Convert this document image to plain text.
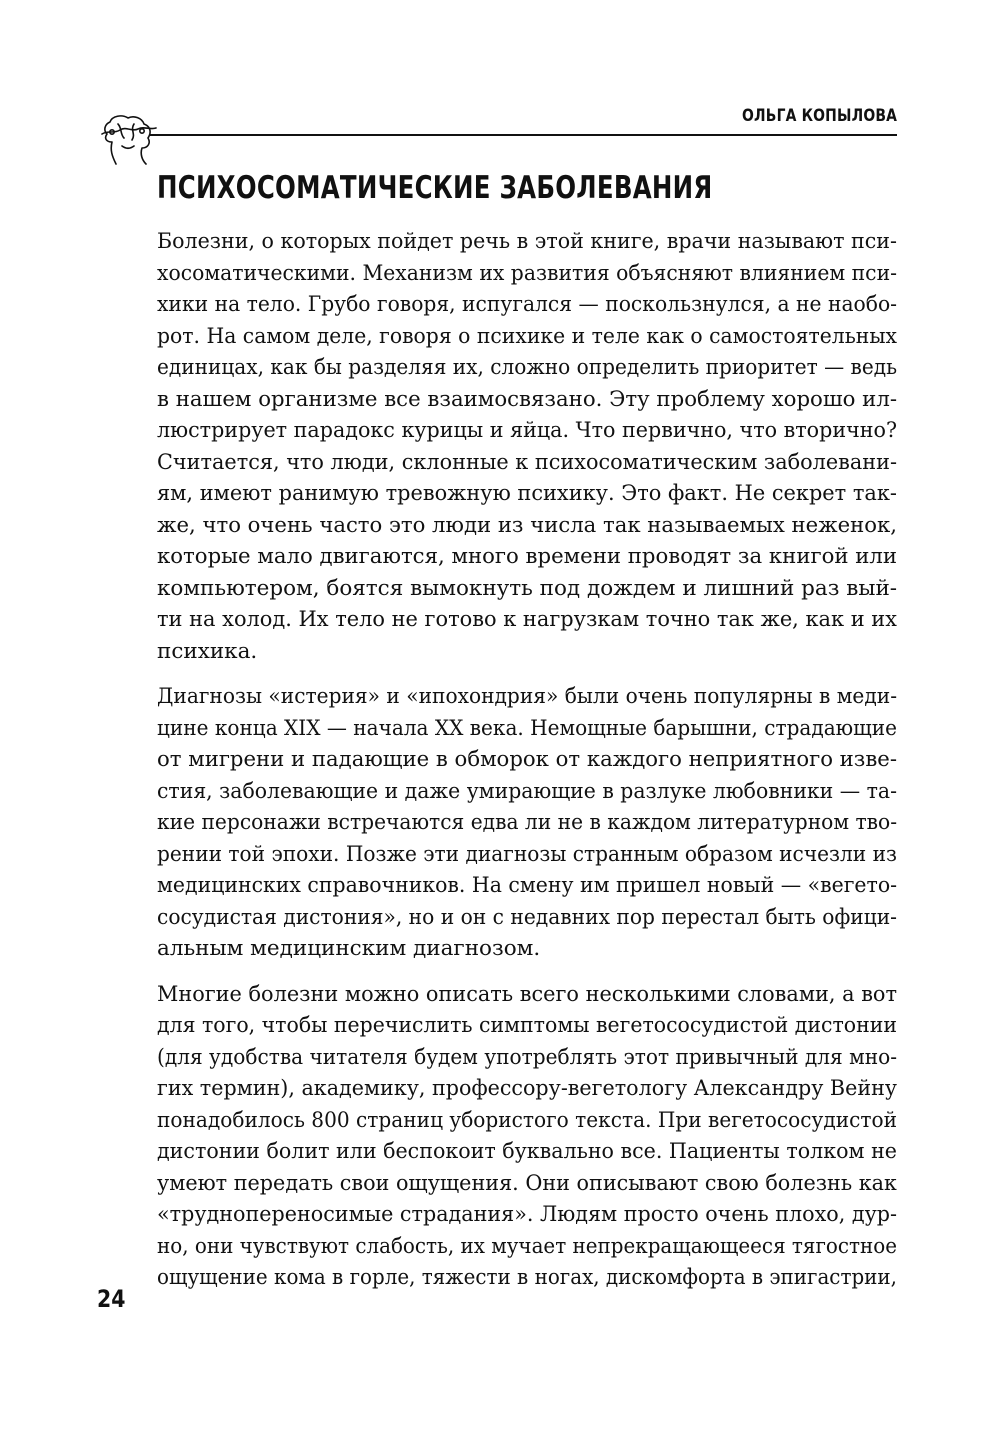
ОЛЬГА КОПЫЛОВА
ПСИХОСОМАТИЧЕСКИЕ ЗАБОЛЕВАНИЯ

Болезни, о которых пойдет речь в этой книге, врачи называют пси-
хосоматическими. Механизм их развития объясняют влиянием пси-
хики на тело. Грубо говоря, испугался — поскользнулся, а не наобо-
рот. На самом деле, говоря о психике и теле как о самостоятельных
единицах, как бы разделяя их, сложно определить приоритет — ведь
в нашем организме все взаимосвязано. Эту проблему хорошо ил-
люстрирует парадокс курицы и яйца. Что первично, что вторично?
Считается, что люди, склонные к психосоматическим заболевани-
ям, имеют ранимую тревожную психику. Это факт. Не секрет так-
же, что очень часто это люди из числа так называемых неженок,
которые мало двигаются, много времени проводят за книгой или
компьютером, боятся вымокнуть под дождем и лишний раз вый-
ти на холод. Их тело не готово к нагрузкам точно так же, как и их
психика.

Диагнозы «истерия» и «ипохондрия» были очень популярны в меди-
цине конца XIX — начала XX века. Немощные барышни, страдающие
от мигрени и падающие в обморок от каждого неприятного изве-
стия, заболевающие и даже умирающие в разлуке любовники — та-
кие персонажи встречаются едва ли не в каждом литературном тво-
рении той эпохи. Позже эти диагнозы странным образом исчезли из
медицинских справочников. На смену им пришел новый — «вегето-
сосудистая дистония», но и он с недавних пор перестал быть офици-
альным медицинским диагнозом.

Многие болезни можно описать всего несколькими словами, а вот
для того, чтобы перечислить симптомы вегетососудистой дистонии
(для удобства читателя будем употреблять этот привычный для мно-
гих термин), академику, профессору-вегетологу Александру Вейну
понадобилось 800 страниц убористого текста. При вегетососудистой
дистонии болит или беспокоит буквально все. Пациенты толком не
умеют передать свои ощущения. Они описывают свою болезнь как
«труднопереносимые страдания». Людям просто очень плохо, дур-
но, они чувствуют слабость, их мучает непрекращающееся тягостное
ощущение кома в горле, тяжести в ногах, дискомфорта в эпигастрии,

24
